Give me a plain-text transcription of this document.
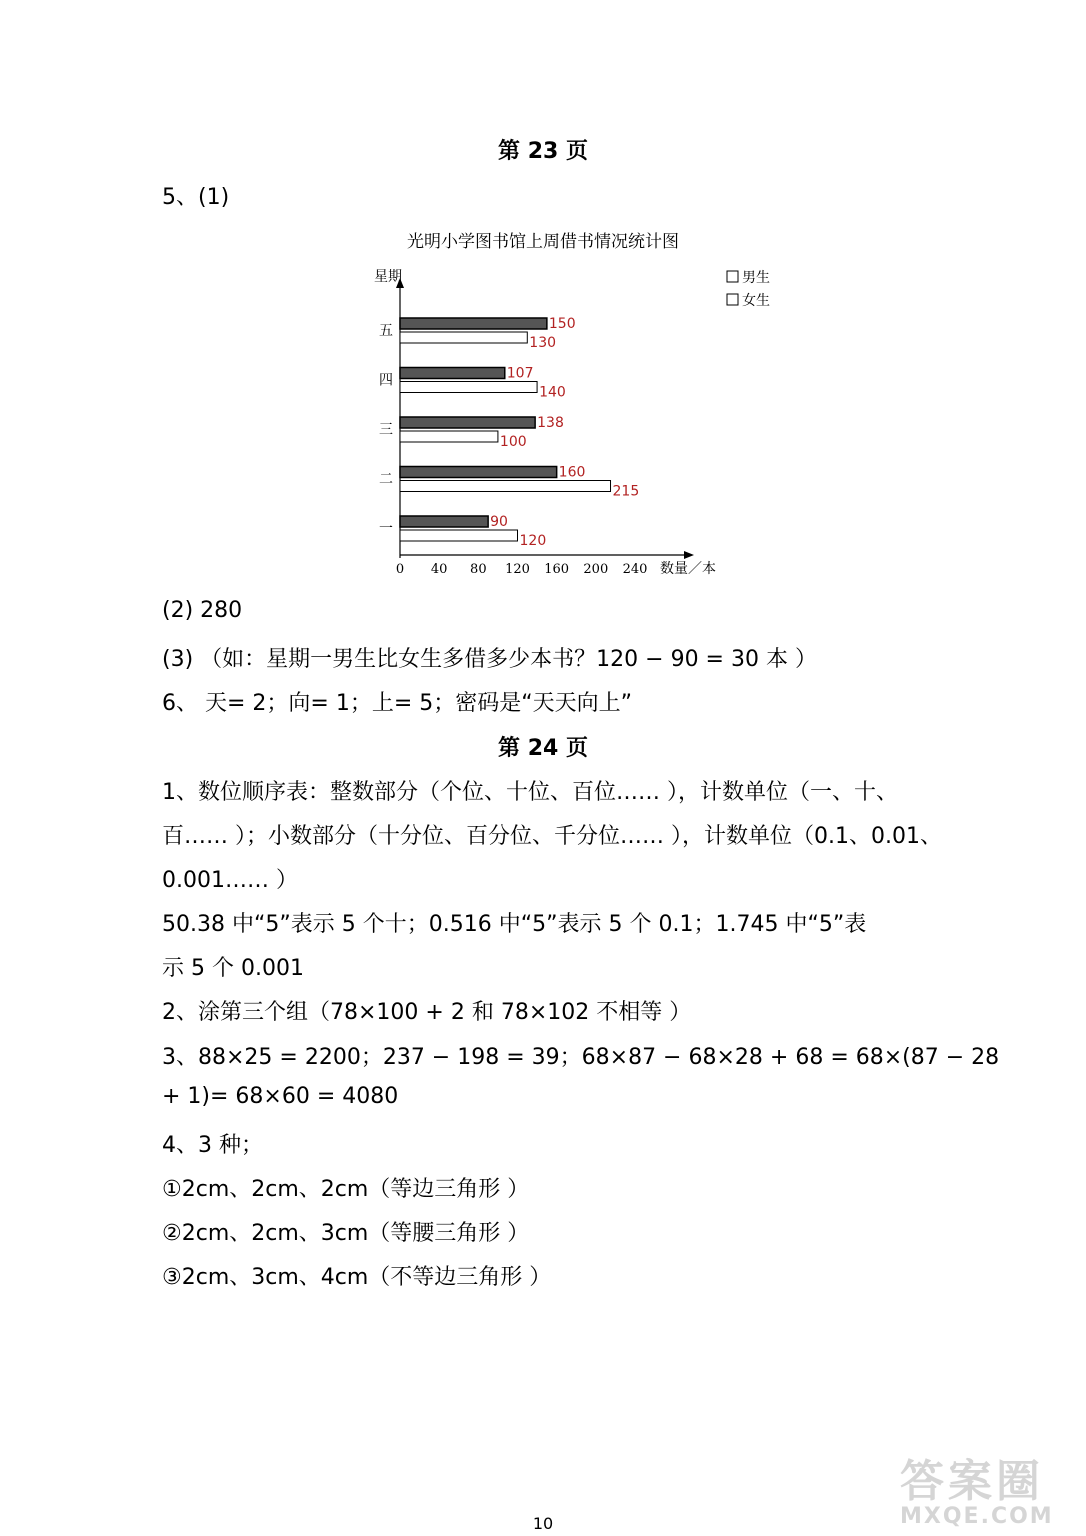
第 23 页
5、(1)
光明小学图书馆上周借书情况统计图
星期
数量／本
男生
女生
一	90
120
二	160
215
三	138
100
四	107
140
五	150
130
0 40 80 120 160 200 240
(2) 280
(3) （如：星期一男生比女生多借多少本书？120 − 90 = 30 本 ）
6、 天= 2；向= 1；上= 5；密码是“天天向上”
第 24 页
1、数位顺序表：整数部分（个位、十位、百位…… ），计数单位（一、十、
百…… ）；小数部分（十分位、百分位、千分位…… ），计数单位（0.1、0.01、
0.001…… ）
50.38 中“5”表示 5 个十；0.516 中“5”表示 5 个 0.1；1.745 中“5”表
示 5 个 0.001
2、涂第三个组（78×100 + 2 和 78×102 不相等 ）
3、88×25 = 2200；237 − 198 = 39；68×87 − 68×28 + 68 = 68×(87 − 28
+ 1)= 68×60 = 4080
4、3 种；
①2cm、2cm、2cm（等边三角形 ）
②2cm、2cm、3cm（等腰三角形 ）
③2cm、3cm、4cm（不等边三角形 ）
答案圈
MXQE.COM
10
